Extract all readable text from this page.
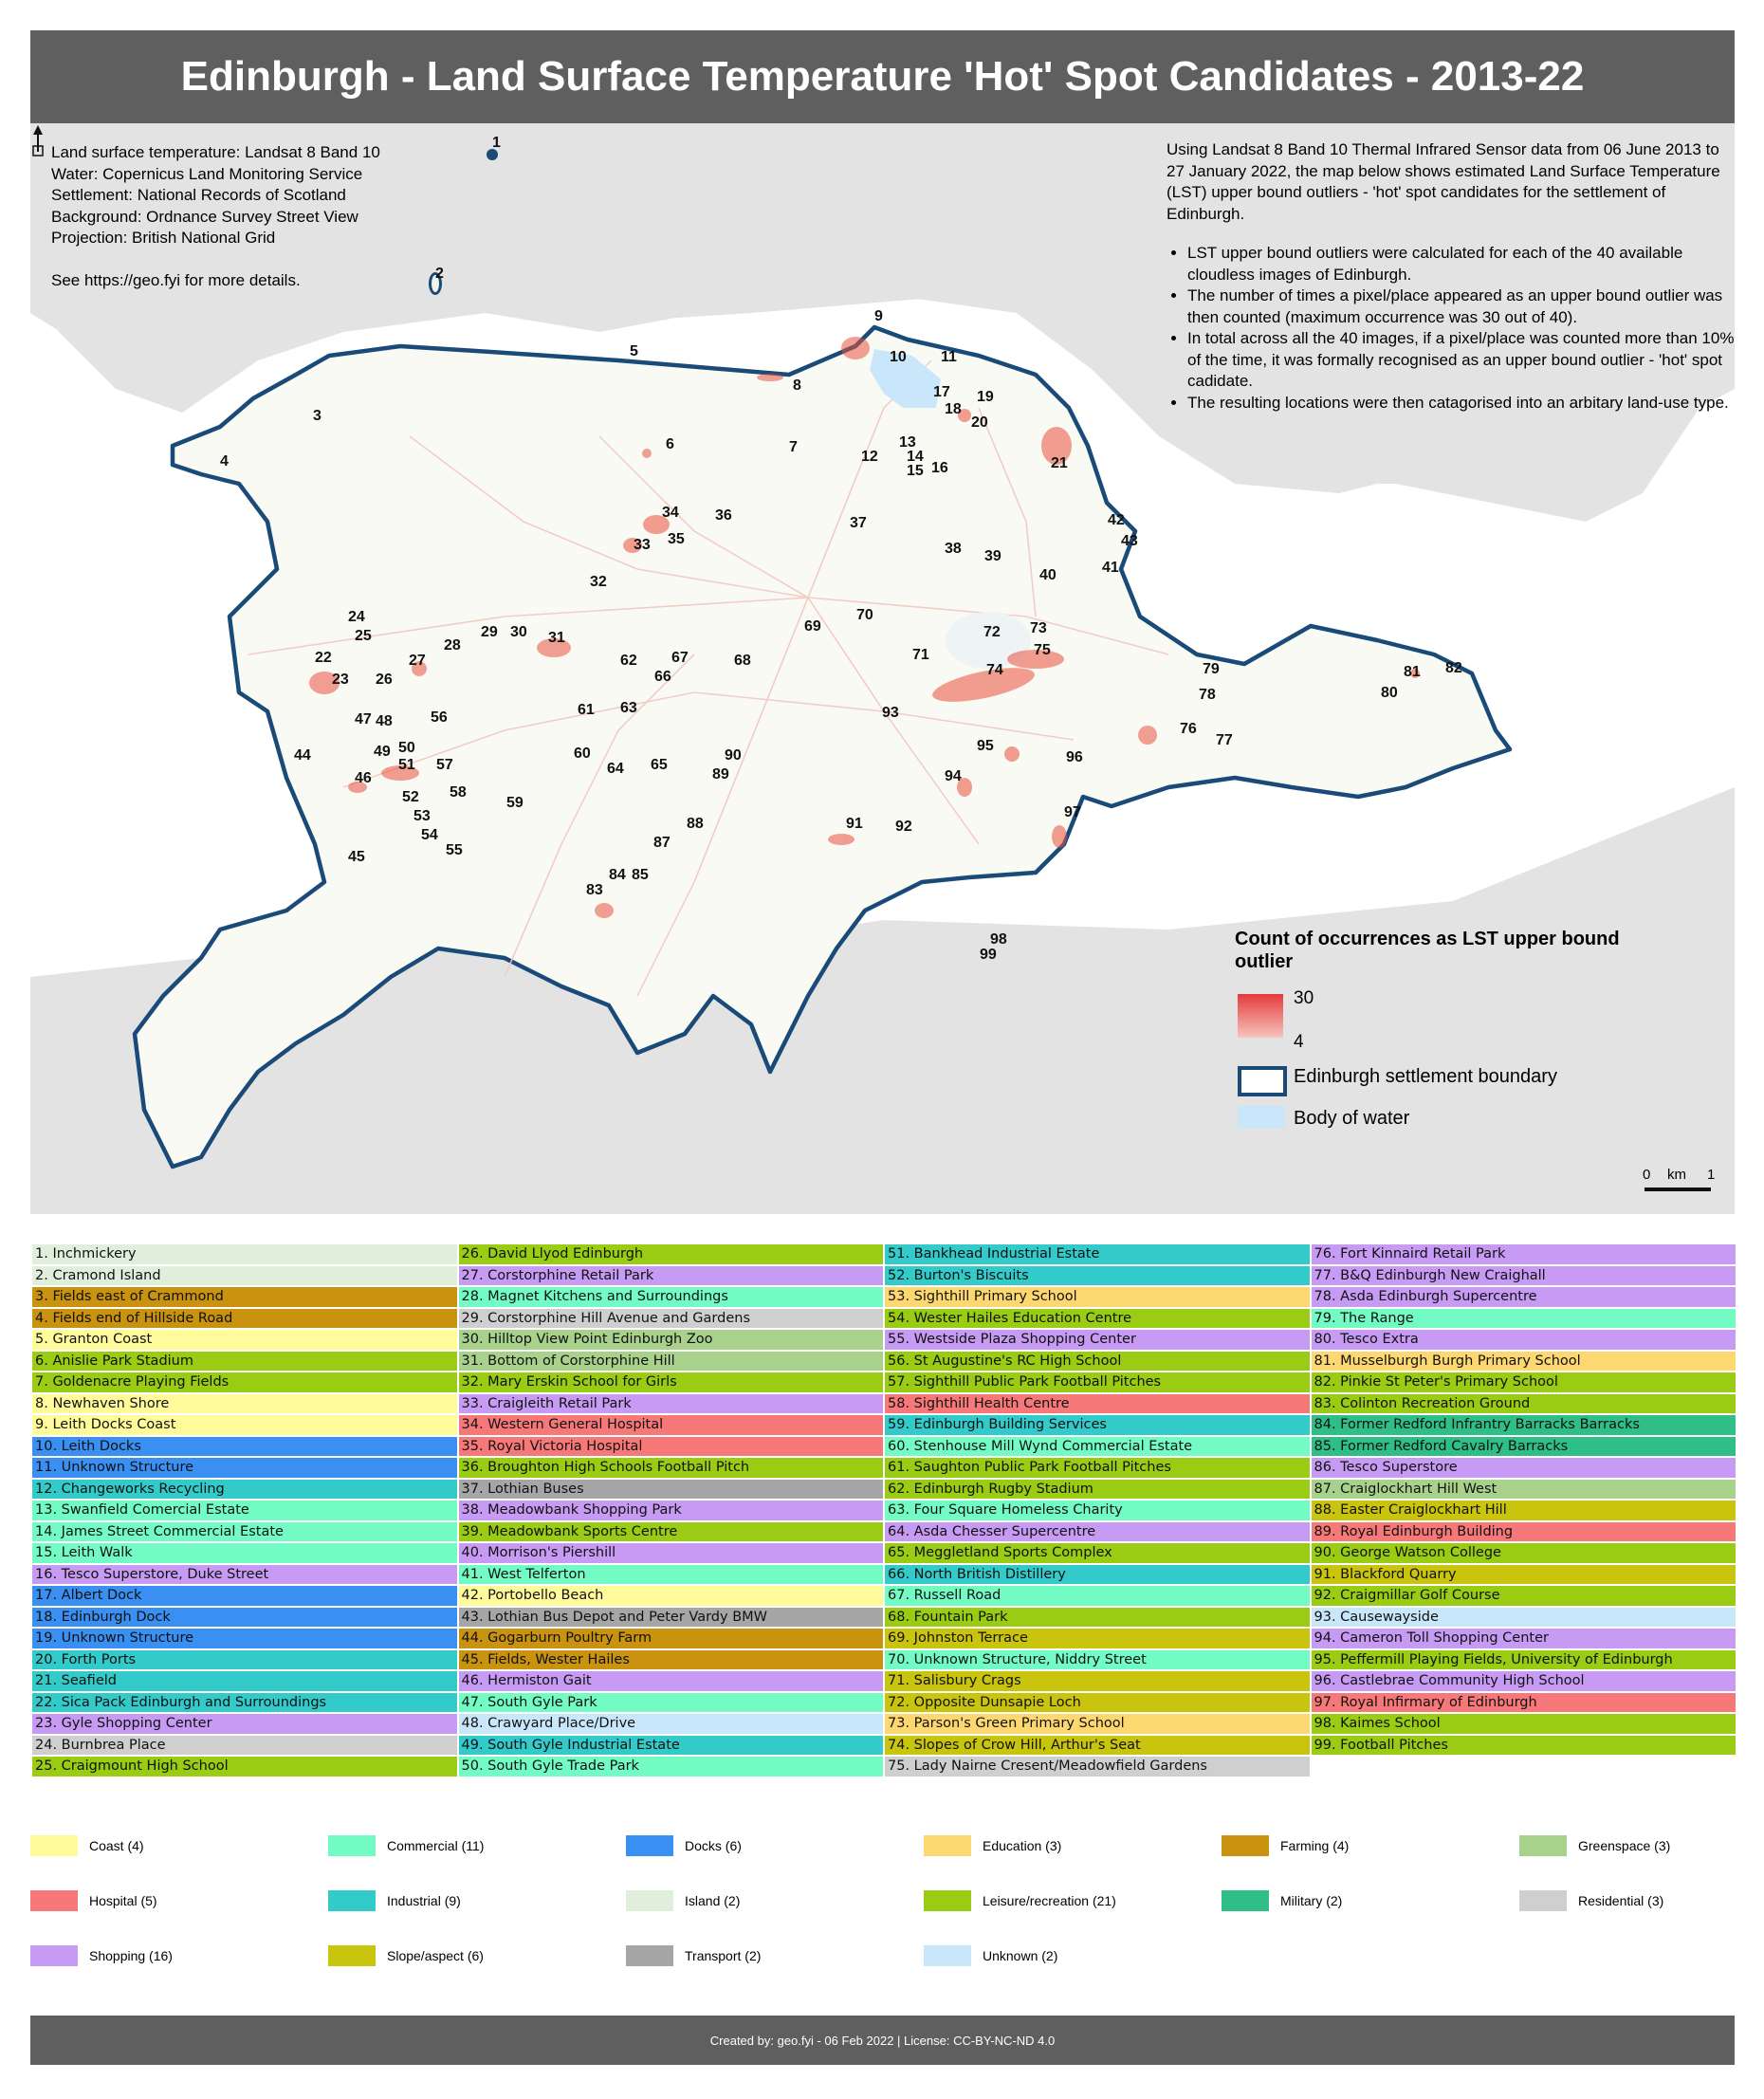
Edinburgh - Land Surface Temperature 'Hot' Spot Candidates - 2013-22
Land surface temperature: Landsat 8 Band 10
Water: Copernicus Land Monitoring Service
Settlement: National Records of Scotland
Background: Ordnance Survey Street View
Projection: British National Grid

See https://geo.fyi for more details.
Using Landsat 8 Band 10 Thermal Infrared Sensor data from 06 June 2013 to 27 January 2022, the map below shows estimated Land Surface Temperature (LST) upper bound outliers - 'hot' spot candidates for the settlement of Edinburgh.
• LST upper bound outliers were calculated for each of the 40 available cloudless images of Edinburgh.
• The number of times a pixel/place appeared as an upper bound outlier was then counted (maximum occurrence was 30 out of 40).
• In total across all the 40 images, if a pixel/place was counted more than 10% of the time, it was formally recognised as an upper bound outlier - 'hot' spot cadidate.
• The resulting locations were then catagorised into an arbitary land-use type.
1
2
3
4
5
6	7
8
9
10 11
12
13
14
15 16
17
18
19
20
21
22
23
24
25
26
27
28
29 30 31
32
33
34
35
36	37
38 39
40	41
42
43
44
45
46
47 48
49 50
51
52
53
54
55
56
57
58
59
60
61
62
63
64 65
66
67	68
69
70
71
72 73
74
75
76
77
78
79
80
81 82
83
84 85
87
88
89
90
91 92
93
94
95
96
97
98
99
Count of occurrences as LST upper bound outlier
30
4
Edinburgh settlement boundary
Body of water
0 km 1
1. Inchmickery	26. David Llyod Edinburgh	51. Bankhead Industrial Estate	76. Fort Kinnaird Retail Park
2. Cramond Island	27. Corstorphine Retail Park	52. Burton's Biscuits	77. B&Q Edinburgh New Craighall
3. Fields east of Crammond	28. Magnet Kitchens and Surroundings	53. Sighthill Primary School	78. Asda Edinburgh Supercentre
4. Fields end of Hillside Road	29. Corstorphine Hill Avenue and Gardens	54. Wester Hailes Education Centre	79. The Range
5. Granton Coast	30. Hilltop View Point Edinburgh Zoo	55. Westside Plaza Shopping Center	80. Tesco Extra
6. Anislie Park Stadium	31. Bottom of Corstorphine Hill	56. St Augustine's RC High School	81. Musselburgh Burgh Primary School
7. Goldenacre Playing Fields	32. Mary Erskin School for Girls	57. Sighthill Public Park Football Pitches	82. Pinkie St Peter's Primary School
8. Newhaven Shore	33. Craigleith Retail Park	58. Sighthill Health Centre	83. Colinton Recreation Ground
9. Leith Docks Coast	34. Western General Hospital	59. Edinburgh Building Services	84. Former Redford Infrantry Barracks Barracks
10. Leith Docks	35. Royal Victoria Hospital	60. Stenhouse Mill Wynd Commercial Estate	85. Former Redford Cavalry Barracks
11. Unknown Structure	36. Broughton High Schools Football Pitch	61. Saughton Public Park Football Pitches	86. Tesco Superstore
12. Changeworks Recycling	37. Lothian Buses	62. Edinburgh Rugby Stadium	87. Craiglockhart Hill West
13. Swanfield Comercial Estate	38. Meadowbank Shopping Park	63. Four Square Homeless Charity	88. Easter Craiglockhart Hill
14. James Street Commercial Estate	39. Meadowbank Sports Centre	64. Asda Chesser Supercentre	89. Royal Edinburgh Building
15. Leith Walk	40. Morrison's Piershill	65. Meggletland Sports Complex	90. George Watson College
16. Tesco Superstore, Duke Street	41. West Telferton	66. North British Distillery	91. Blackford Quarry
17. Albert Dock	42. Portobello Beach	67. Russell Road	92. Craigmillar Golf Course
18. Edinburgh Dock	43. Lothian Bus Depot and Peter Vardy BMW	68. Fountain Park	93. Causewayside
19. Unknown Structure	44. Gogarburn Poultry Farm	69. Johnston Terrace	94. Cameron Toll Shopping Center
20. Forth Ports	45. Fields, Wester Hailes	70. Unknown Structure, Niddry Street	95. Peffermill Playing Fields, University of Edinburgh
21. Seafield	46. Hermiston Gait	71. Salisbury Crags	96. Castlebrae Community High School
22. Sica Pack Edinburgh and Surroundings	47. South Gyle Park	72. Opposite Dunsapie Loch	97. Royal Infirmary of Edinburgh
23. Gyle Shopping Center	48. Crawyard Place/Drive	73. Parson's Green Primary School	98. Kaimes School
24. Burnbrea Place	49. South Gyle Industrial Estate	74. Slopes of Crow Hill, Arthur's Seat	99. Football Pitches
25. Craigmount High School	50. South Gyle Trade Park	75. Lady Nairne Cresent/Meadowfield Gardens	
Coast (4)	Commercial (11)	Docks (6)	Education (3)	Farming (4)	Greenspace (3)
Hospital (5)	Industrial (9)	Island (2)	Leisure/recreation (21)	Military (2)	Residential (3)
Shopping (16)	Slope/aspect (6)	Transport (2)	Unknown (2)
Created by: geo.fyi - 06 Feb 2022 | License: CC-BY-NC-ND 4.0
